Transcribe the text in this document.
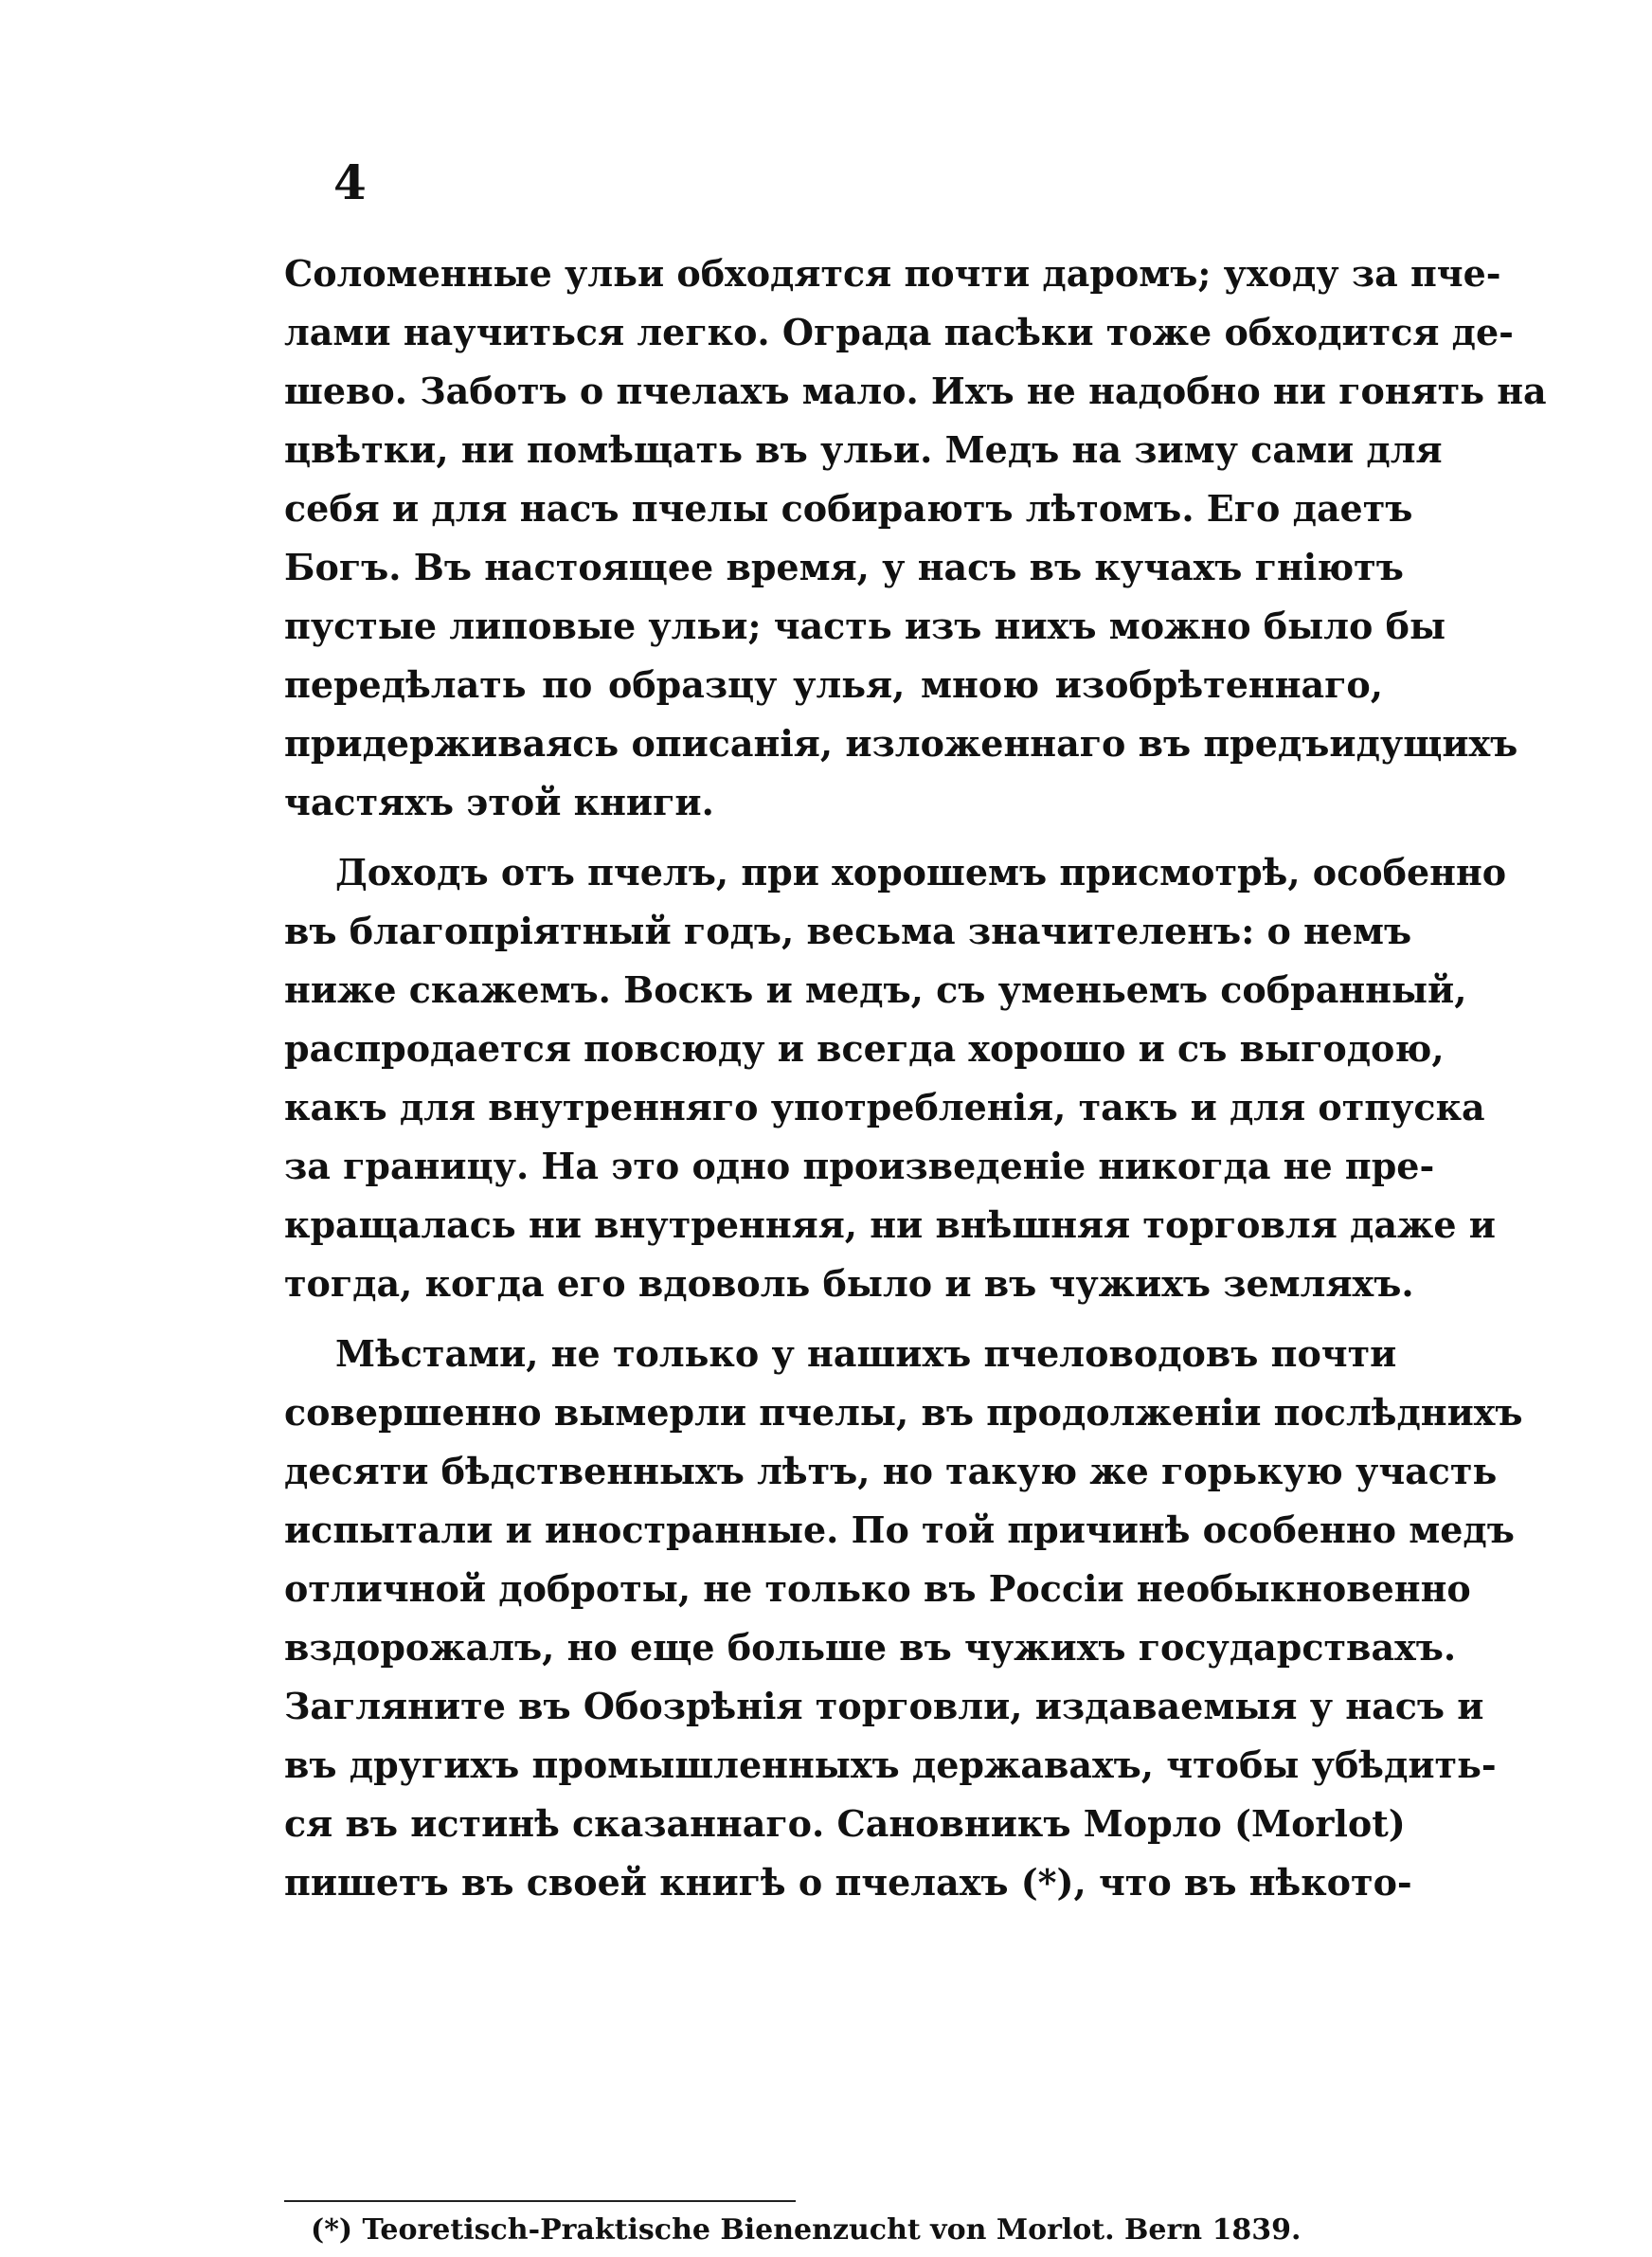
4
Соломенные ульи обходятся почти даромъ; уходу за пче-
лами научиться легко. Ограда пасѣки тоже обходится де-
шево. Заботъ о пчелахъ мало. Ихъ не надобно ни гонять на
цвѣтки, ни помѣщать въ ульи. Медъ на зиму сами для
себя и для насъ пчелы собираютъ лѣтомъ. Его даетъ
Богъ. Въ настоящее время, у насъ въ кучахъ гніютъ
пустые липовые ульи; часть изъ нихъ можно было бы
передѣлать по образцу улья, мною изобрѣтеннаго,
придерживаясь описанія, изложеннаго въ предъидущихъ
частяхъ этой книги.
Доходъ отъ пчелъ, при хорошемъ присмотрѣ, особенно
въ благопріятный годъ, весьма значителенъ: о немъ
ниже скажемъ. Воскъ и медъ, съ уменьемъ собранный,
распродается повсюду и всегда хорошо и съ выгодою,
какъ для внутренняго употребленія, такъ и для отпуска
за границу. На это одно произведеніе никогда не пре-
кращалась ни внутренняя, ни внѣшняя торговля даже и
тогда, когда его вдоволь было и въ чужихъ земляхъ.
Мѣстами, не только у нашихъ пчеловодовъ почти
совершенно вымерли пчелы, въ продолженіи послѣднихъ
десяти бѣдственныхъ лѣтъ, но такую же горькую участь
испытали и иностранные. По той причинѣ особенно медъ
отличной доброты, не только въ Россіи необыкновенно
вздорожалъ, но еще больше въ чужихъ государствахъ.
Загляните въ Обозрѣнія торговли, издаваемыя у насъ и
въ другихъ промышленныхъ державахъ, чтобы убѣдить-
ся въ истинѣ сказаннаго. Сановникъ Морло (Morlot)
пишетъ въ своей книгѣ о пчелахъ (*), что въ нѣкото-
(*) Teoretisch-Praktische Bienenzucht von Morlot. Bern 1839.
